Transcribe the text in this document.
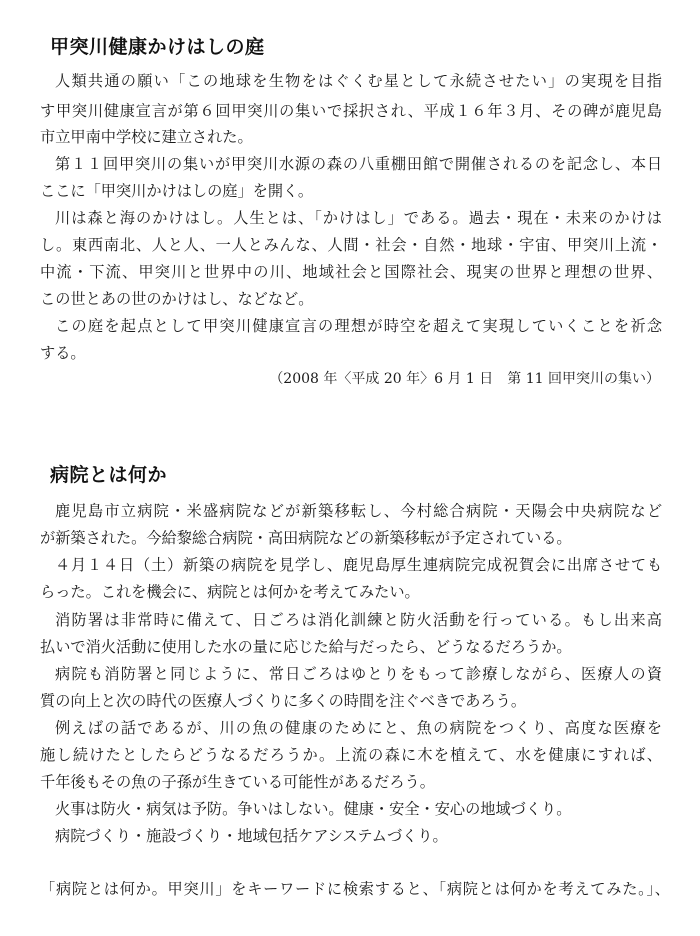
甲突川健康かけはしの庭
人類共通の願い「この地球を生物をはぐくむ星として永続させたい」の実現を目指
す甲突川健康宣言が第６回甲突川の集いで採択され、平成１６年３月、その碑が鹿児島
市立甲南中学校に建立された。
第１１回甲突川の集いが甲突川水源の森の八重棚田館で開催されるのを記念し、本日
ここに「甲突川かけはしの庭」を開く。
川は森と海のかけはし。人生とは、「かけはし」である。過去・現在・未来のかけは
し。東西南北、人と人、一人とみんな、人間・社会・自然・地球・宇宙、甲突川上流・
中流・下流、甲突川と世界中の川、地域社会と国際社会、現実の世界と理想の世界、
この世とあの世のかけはし、などなど。
この庭を起点として甲突川健康宣言の理想が時空を超えて実現していくことを祈念
する。
（2008 年〈平成 20 年〉6 月 1 日　第 11 回甲突川の集い）
病院とは何か
鹿児島市立病院・米盛病院などが新築移転し、今村総合病院・天陽会中央病院など
が新築された。今給黎総合病院・高田病院などの新築移転が予定されている。
４月１４日（土）新築の病院を見学し、鹿児島厚生連病院完成祝賀会に出席させても
らった。これを機会に、病院とは何かを考えてみたい。
消防署は非常時に備えて、日ごろは消化訓練と防火活動を行っている。もし出来高
払いで消火活動に使用した水の量に応じた給与だったら、どうなるだろうか。
病院も消防署と同じように、常日ごろはゆとりをもって診療しながら、医療人の資
質の向上と次の時代の医療人づくりに多くの時間を注ぐべきであろう。
例えばの話であるが、川の魚の健康のためにと、魚の病院をつくり、高度な医療を
施し続けたとしたらどうなるだろうか。上流の森に木を植えて、水を健康にすれば、
千年後もその魚の子孫が生きている可能性があるだろう。
火事は防火・病気は予防。争いはしない。健康・安全・安心の地域づくり。
病院づくり・施設づくり・地域包括ケアシステムづくり。
「病院とは何か。甲突川」をキーワードに検索すると、「病院とは何かを考えてみた。」、
